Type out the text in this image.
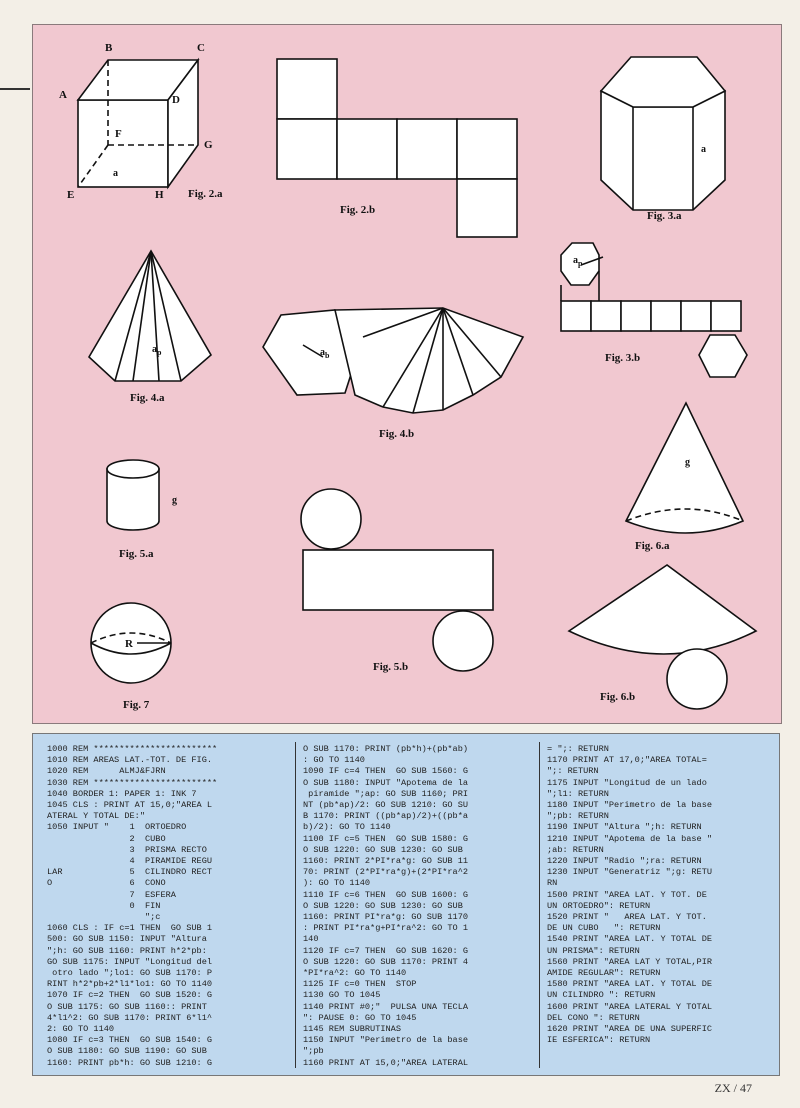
B	C
A	D
F
G
a
E	H Fig. 2.a
Fig. 2.b
a
Fig. 3.a
$a_p$
Fig. 3.b
$a_p$
Fig. 4.a
$a_b$
Fig. 4.b
g
Fig. 5.a
Fig. 5.b
g
Fig. 6.a
Fig. 6.b
R
Fig. 7
1000 REM ************************
1010 REM AREAS LAT.-TOT. DE FIG.
1020 REM      ALMJ&FJRN
1030 REM ************************
1040 BORDER 1: PAPER 1: INK 7
1045 CLS : PRINT AT 15,0;"AREA L
ATERAL Y TOTAL DE:"
1050 INPUT "    1  ORTOEDRO
2  CUBO
3  PRISMA RECTO
4  PIRAMIDE REGU
LAR             5  CILINDRO RECT
O               6  CONO
7  ESFERA
0  FIN
";c
1060 CLS : IF c=1 THEN  GO SUB 1
500: GO SUB 1150: INPUT "Altura
";h: GO SUB 1160: PRINT h*2*pb:
GO SUB 1175: INPUT "Longitud del
otro lado ";lo1: GO SUB 1170: P
RINT h*2*pb+2*l1*lo1: GO TO 1140
1070 IF c=2 THEN  GO SUB 1520: G
O SUB 1175: GO SUB 1160:: PRINT
4*l1^2: GO SUB 1170: PRINT 6*l1^
2: GO TO 1140
1080 IF c=3 THEN  GO SUB 1540: G
O SUB 1180: GO SUB 1190: GO SUB
1160: PRINT pb*h: GO SUB 1210: G
O SUB 1170: PRINT (pb*h)+(pb*ab)
: GO TO 1140
1090 IF c=4 THEN  GO SUB 1560: G
O SUB 1180: INPUT "Apotema de la
piramide ";ap: GO SUB 1160; PRI
NT (pb*ap)/2: GO SUB 1210: GO SU
B 1170: PRINT ((pb*ap)/2)+((pb*a
b)/2): GO TO 1140
1100 IF c=5 THEN  GO SUB 1580: G
O SUB 1220: GO SUB 1230: GO SUB
1160: PRINT 2*PI*ra*g: GO SUB 11
70: PRINT (2*PI*ra*g)+(2*PI*ra^2
): GO TO 1140
1110 IF c=6 THEN  GO SUB 1600: G
O SUB 1220: GO SUB 1230: GO SUB
1160: PRINT PI*ra*g: GO SUB 1170
: PRINT PI*ra*g+PI*ra^2: GO TO 1
140
1120 IF c=7 THEN  GO SUB 1620: G
O SUB 1220: GO SUB 1170: PRINT 4
*PI*ra^2: GO TO 1140
1125 IF c=0 THEN  STOP
1130 GO TO 1045
1140 PRINT #0;"  PULSA UNA TECLA
": PAUSE 0: GO TO 1045
1145 REM SUBRUTINAS
1150 INPUT "Perimetro de la base
";pb
1160 PRINT AT 15,0;"AREA LATERAL
= ";: RETURN
1170 PRINT AT 17,0;"AREA TOTAL=
";: RETURN
1175 INPUT "Longitud de un lado
";l1: RETURN
1180 INPUT "Perimetro de la base
";pb: RETURN
1190 INPUT "Altura ";h: RETURN
1210 INPUT "Apotema de la base "
;ab: RETURN
1220 INPUT "Radio ";ra: RETURN
1230 INPUT "Generatriz ";g: RETU
RN
1500 PRINT "AREA LAT. Y TOT. DE
UN ORTOEDRO": RETURN
1520 PRINT "   AREA LAT. Y TOT.
DE UN CUBO   ": RETURN
1540 PRINT "AREA LAT. Y TOTAL DE
UN PRISMA": RETURN
1560 PRINT "AREA LAT Y TOTAL,PIR
AMIDE REGULAR": RETURN
1580 PRINT "AREA LAT. Y TOTAL DE
UN CILINDRO ": RETURN
1600 PRINT "AREA LATERAL Y TOTAL
DEL CONO ": RETURN
1620 PRINT "AREA DE UNA SUPERFIC
IE ESFERICA": RETURN
ZX / 47
